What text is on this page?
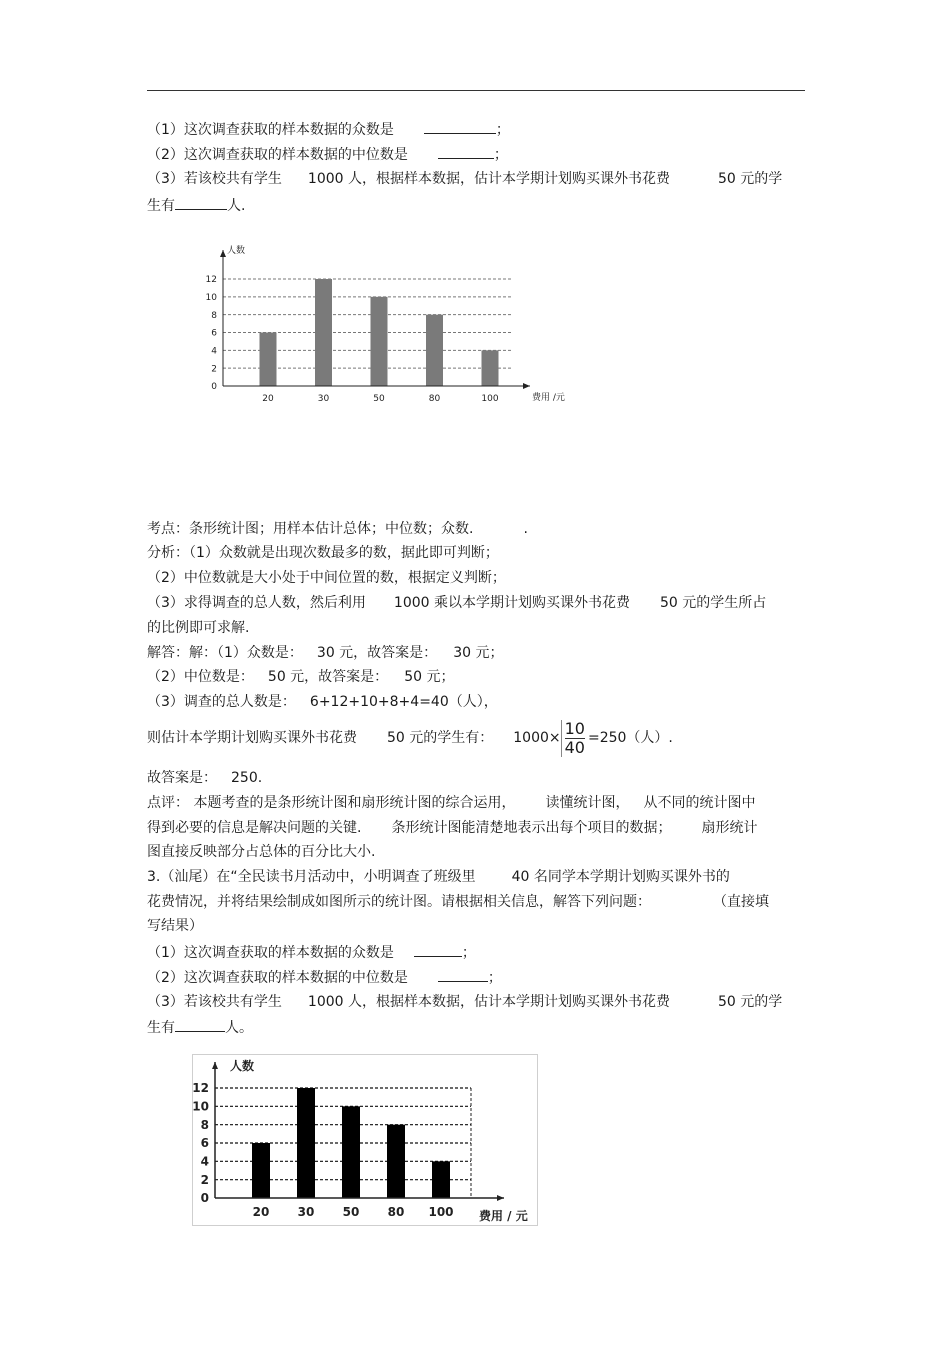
（1）这次调查获取的样本数据的众数是	；
（2）这次调查获取的样本数据的中位数是	；
（3）若该校共有学生 1000 人，根据样本数据，估计本学期计划购买课外书花费	50 元的学
生有	人.
0
2
4
6
8
10
12
20	30	50	80	100
人数
费用 /元
考点：条形统计图；用样本估计总体；中位数；众数.	.
分析：（1）众数就是出现次数最多的数，据此即可判断；
（2）中位数就是大小处于中间位置的数，根据定义判断；
（3）求得调查的总人数，然后利用 1000 乘以本学期计划购买课外书花费 50 元的学生所占
的比例即可求解.
解答：解：（1）众数是： 30 元，故答案是： 30 元；
（2）中位数是： 50 元，故答案是： 50 元；
（3）调查的总人数是： 6+12+10+8+4=40（人），
则估计本学期计划购买课外书花费 50 元的学生有： $1000\times \frac{10}{40} =250$（人）.
故答案是： 250.
点评： 本题考查的是条形统计图和扇形统计图的综合运用， 读懂统计图， 从不同的统计图中
得到必要的信息是解决问题的关键. 条形统计图能清楚地表示出每个项目的数据； 扇形统计
图直接反映部分占总体的百分比大小.
3.（汕尾）在“全民读书月活动中，小明调查了班级里	40 名同学本学期计划购买课外书的
花费情况，并将结果绘制成如图所示的统计图。请根据相关信息，解答下列问题：	（直接填
写结果）
（1）这次调查获取的样本数据的众数是	；
（2）这次调查获取的样本数据的中位数是	；
（3）若该校共有学生 1000 人，根据样本数据，估计本学期计划购买课外书花费	50 元的学
生有	人。
0
2
4
6
8
10
12
20 30 50 80 100
人数
费用 / 元
